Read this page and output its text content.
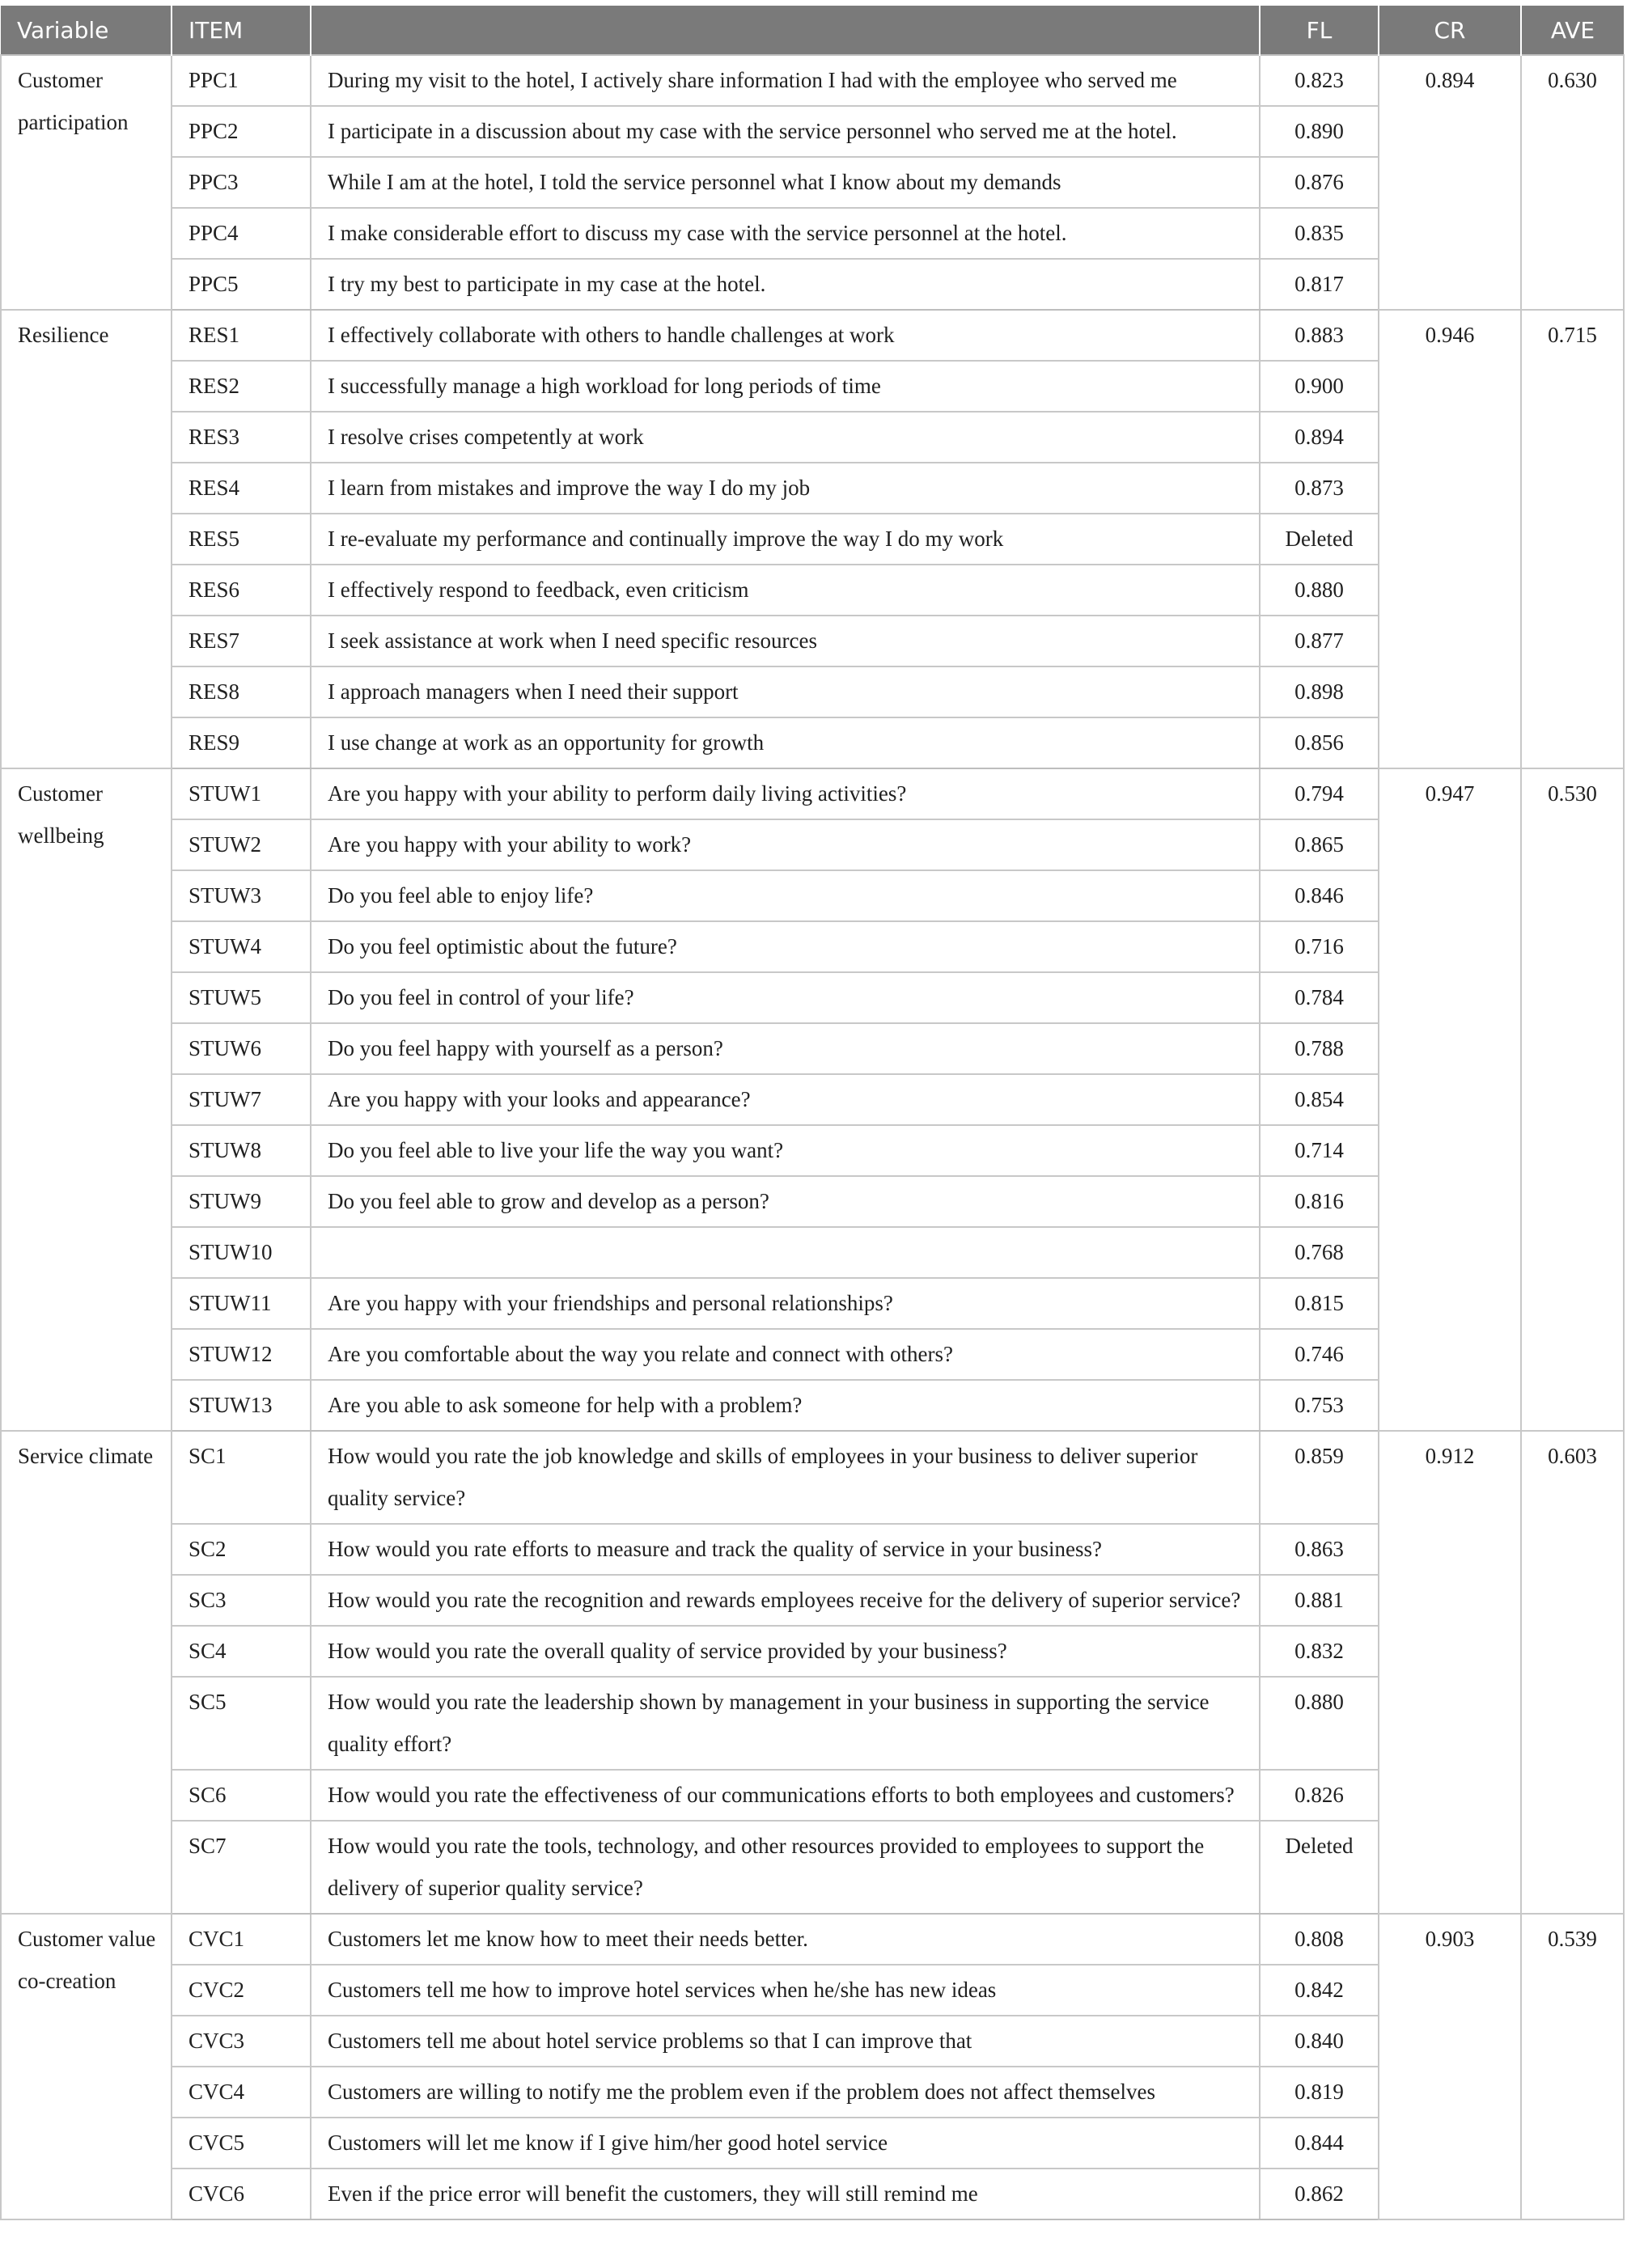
Variable	ITEM		FL	CR	AVE
Customer participation	PPC1	During my visit to the hotel, I actively share information I had with the employee who served me	0.823	0.894	0.630
	PPC2	I participate in a discussion about my case with the service personnel who served me at the hotel.	0.890		
	PPC3	While I am at the hotel, I told the service personnel what I know about my demands	0.876		
	PPC4	I make considerable effort to discuss my case with the service personnel at the hotel.	0.835		
	PPC5	I try my best to participate in my case at the hotel.	0.817		
Resilience	RES1	I effectively collaborate with others to handle challenges at work	0.883	0.946	0.715
	RES2	I successfully manage a high workload for long periods of time	0.900		
	RES3	I resolve crises competently at work	0.894		
	RES4	I learn from mistakes and improve the way I do my job	0.873		
	RES5	I re-evaluate my performance and continually improve the way I do my work	Deleted		
	RES6	I effectively respond to feedback, even criticism	0.880		
	RES7	I seek assistance at work when I need specific resources	0.877		
	RES8	I approach managers when I need their support	0.898		
	RES9	I use change at work as an opportunity for growth	0.856		
Customer wellbeing	STUW1	Are you happy with your ability to perform daily living activities?	0.794	0.947	0.530
	STUW2	Are you happy with your ability to work?	0.865		
	STUW3	Do you feel able to enjoy life?	0.846		
	STUW4	Do you feel optimistic about the future?	0.716		
	STUW5	Do you feel in control of your life?	0.784		
	STUW6	Do you feel happy with yourself as a person?	0.788		
	STUW7	Are you happy with your looks and appearance?	0.854		
	STUW8	Do you feel able to live your life the way you want?	0.714		
	STUW9	Do you feel able to grow and develop as a person?	0.816		
	STUW10		0.768		
	STUW11	Are you happy with your friendships and personal relationships?	0.815		
	STUW12	Are you comfortable about the way you relate and connect with others?	0.746		
	STUW13	Are you able to ask someone for help with a problem?	0.753		
Service climate	SC1	How would you rate the job knowledge and skills of employees in your business to deliver superior quality service?	0.859	0.912	0.603
	SC2	How would you rate efforts to measure and track the quality of service in your business?	0.863		
	SC3	How would you rate the recognition and rewards employees receive for the delivery of superior service?	0.881		
	SC4	How would you rate the overall quality of service provided by your business?	0.832		
	SC5	How would you rate the leadership shown by management in your business in supporting the service quality effort?	0.880		
	SC6	How would you rate the effectiveness of our communications efforts to both employees and customers?	0.826		
	SC7	How would you rate the tools, technology, and other resources provided to employees to support the delivery of superior quality service?	Deleted		
Customer value co-creation	CVC1	Customers let me know how to meet their needs better.	0.808	0.903	0.539
	CVC2	Customers tell me how to improve hotel services when he/she has new ideas	0.842		
	CVC3	Customers tell me about hotel service problems so that I can improve that	0.840		
	CVC4	Customers are willing to notify me the problem even if the problem does not affect themselves	0.819		
	CVC5	Customers will let me know if I give him/her good hotel service	0.844		
	CVC6	Even if the price error will benefit the customers, they will still remind me	0.862		
